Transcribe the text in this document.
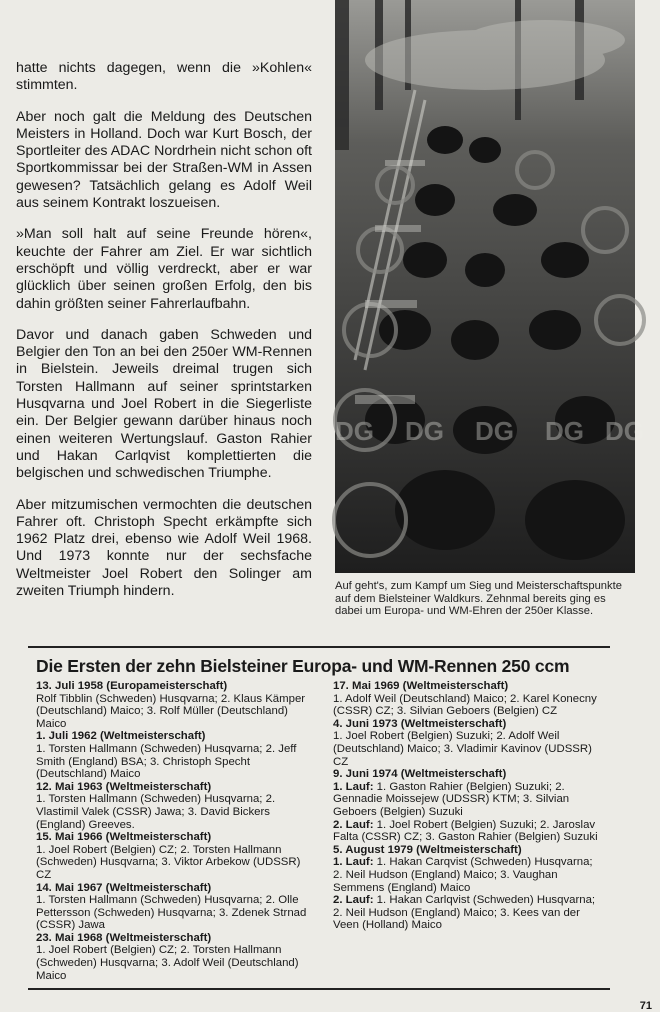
hatte nichts dagegen, wenn die »Kohlen« stimmten.

Aber noch galt die Meldung des Deutschen Meisters in Holland. Doch war Kurt Bosch, der Sportleiter des ADAC Nordrhein nicht schon oft Sportkommissar bei der Straßen-WM in Assen gewesen? Tatsächlich gelang es Adolf Weil aus seinem Kontrakt loszueisen.

»Man soll halt auf seine Freunde hören«, keuchte der Fahrer am Ziel. Er war sichtlich erschöpft und völlig verdreckt, aber er war glücklich über seinen großen Erfolg, den bis dahin größten seiner Fahrerlaufbahn.

Davor und danach gaben Schweden und Belgier den Ton an bei den 250er WM-Rennen in Bielstein. Jeweils dreimal trugen sich Torsten Hallmann auf seiner sprintstarken Husqvarna und Joel Robert in die Siegerliste ein. Der Belgier gewann darüber hinaus noch einen weiteren Wertungslauf. Gaston Rahier und Hakan Carlqvist komplettierten die belgischen und schwedischen Triumphe.

Aber mitzumischen vermochten die deutschen Fahrer oft. Christoph Specht erkämpfte sich 1962 Platz drei, ebenso wie Adolf Weil 1968. Und 1973 konnte nur der sechsfache Weltmeister Joel Robert den Solinger am zweiten Triumph hindern.

DG DG DG DG DG
Auf geht's, zum Kampf um Sieg und Meisterschaftspunkte auf dem Bielsteiner Waldkurs. Zehnmal bereits ging es dabei um Europa- und WM-Ehren der 250er Klasse.
Die Ersten der zehn Bielsteiner Europa- und WM-Rennen 250 ccm
13. Juli 1958 (Europameisterschaft)
Rolf Tibblin (Schweden) Husqvarna; 2. Klaus Kämper (Deutschland) Maico; 3. Rolf Müller (Deutschland) Maico
1. Juli 1962 (Weltmeisterschaft)
1. Torsten Hallmann (Schweden) Husqvarna; 2. Jeff Smith (England) BSA; 3. Christoph Specht (Deutschland) Maico
12. Mai 1963 (Weltmeisterschaft)
1. Torsten Hallmann (Schweden) Husqvarna; 2. Vlastimil Valek (CSSR) Jawa; 3. David Bickers (England) Greeves.
15. Mai 1966 (Weltmeisterschaft)
1. Joel Robert (Belgien) CZ; 2. Torsten Hallmann (Schweden) Husqvarna; 3. Viktor Arbekow (UDSSR) CZ
14. Mai 1967 (Weltmeisterschaft)
1. Torsten Hallmann (Schweden) Husqvarna; 2. Olle Pettersson (Schweden) Husqvarna; 3. Zdenek Strnad (CSSR) Jawa
23. Mai 1968 (Weltmeisterschaft)
1. Joel Robert (Belgien) CZ; 2. Torsten Hallmann (Schweden) Husqvarna; 3. Adolf Weil (Deutschland) Maico
17. Mai 1969 (Weltmeisterschaft)
1. Adolf Weil (Deutschland) Maico; 2. Karel Konecny (CSSR) CZ; 3. Silvian Geboers (Belgien) CZ
4. Juni 1973 (Weltmeisterschaft)
1. Joel Robert (Belgien) Suzuki; 2. Adolf Weil (Deutschland) Maico; 3. Vladimir Kavinov (UDSSR) CZ
9. Juni 1974 (Weltmeisterschaft)
1. Lauf: 1. Gaston Rahier (Belgien) Suzuki; 2. Gennadie Moissejew (UDSSR) KTM; 3. Silvian Geboers (Belgien) Suzuki
2. Lauf: 1. Joel Robert (Belgien) Suzuki; 2. Jaroslav Falta (CSSR) CZ; 3. Gaston Rahier (Belgien) Suzuki
5. August 1979 (Weltmeisterschaft)
1. Lauf: 1. Hakan Carqvist (Schweden) Husqvarna; 2. Neil Hudson (England) Maico; 3. Vaughan Semmens (England) Maico
2. Lauf: 1. Hakan Carlqvist (Schweden) Husqvarna; 2. Neil Hudson (England) Maico; 3. Kees van der Veen (Holland) Maico
71
